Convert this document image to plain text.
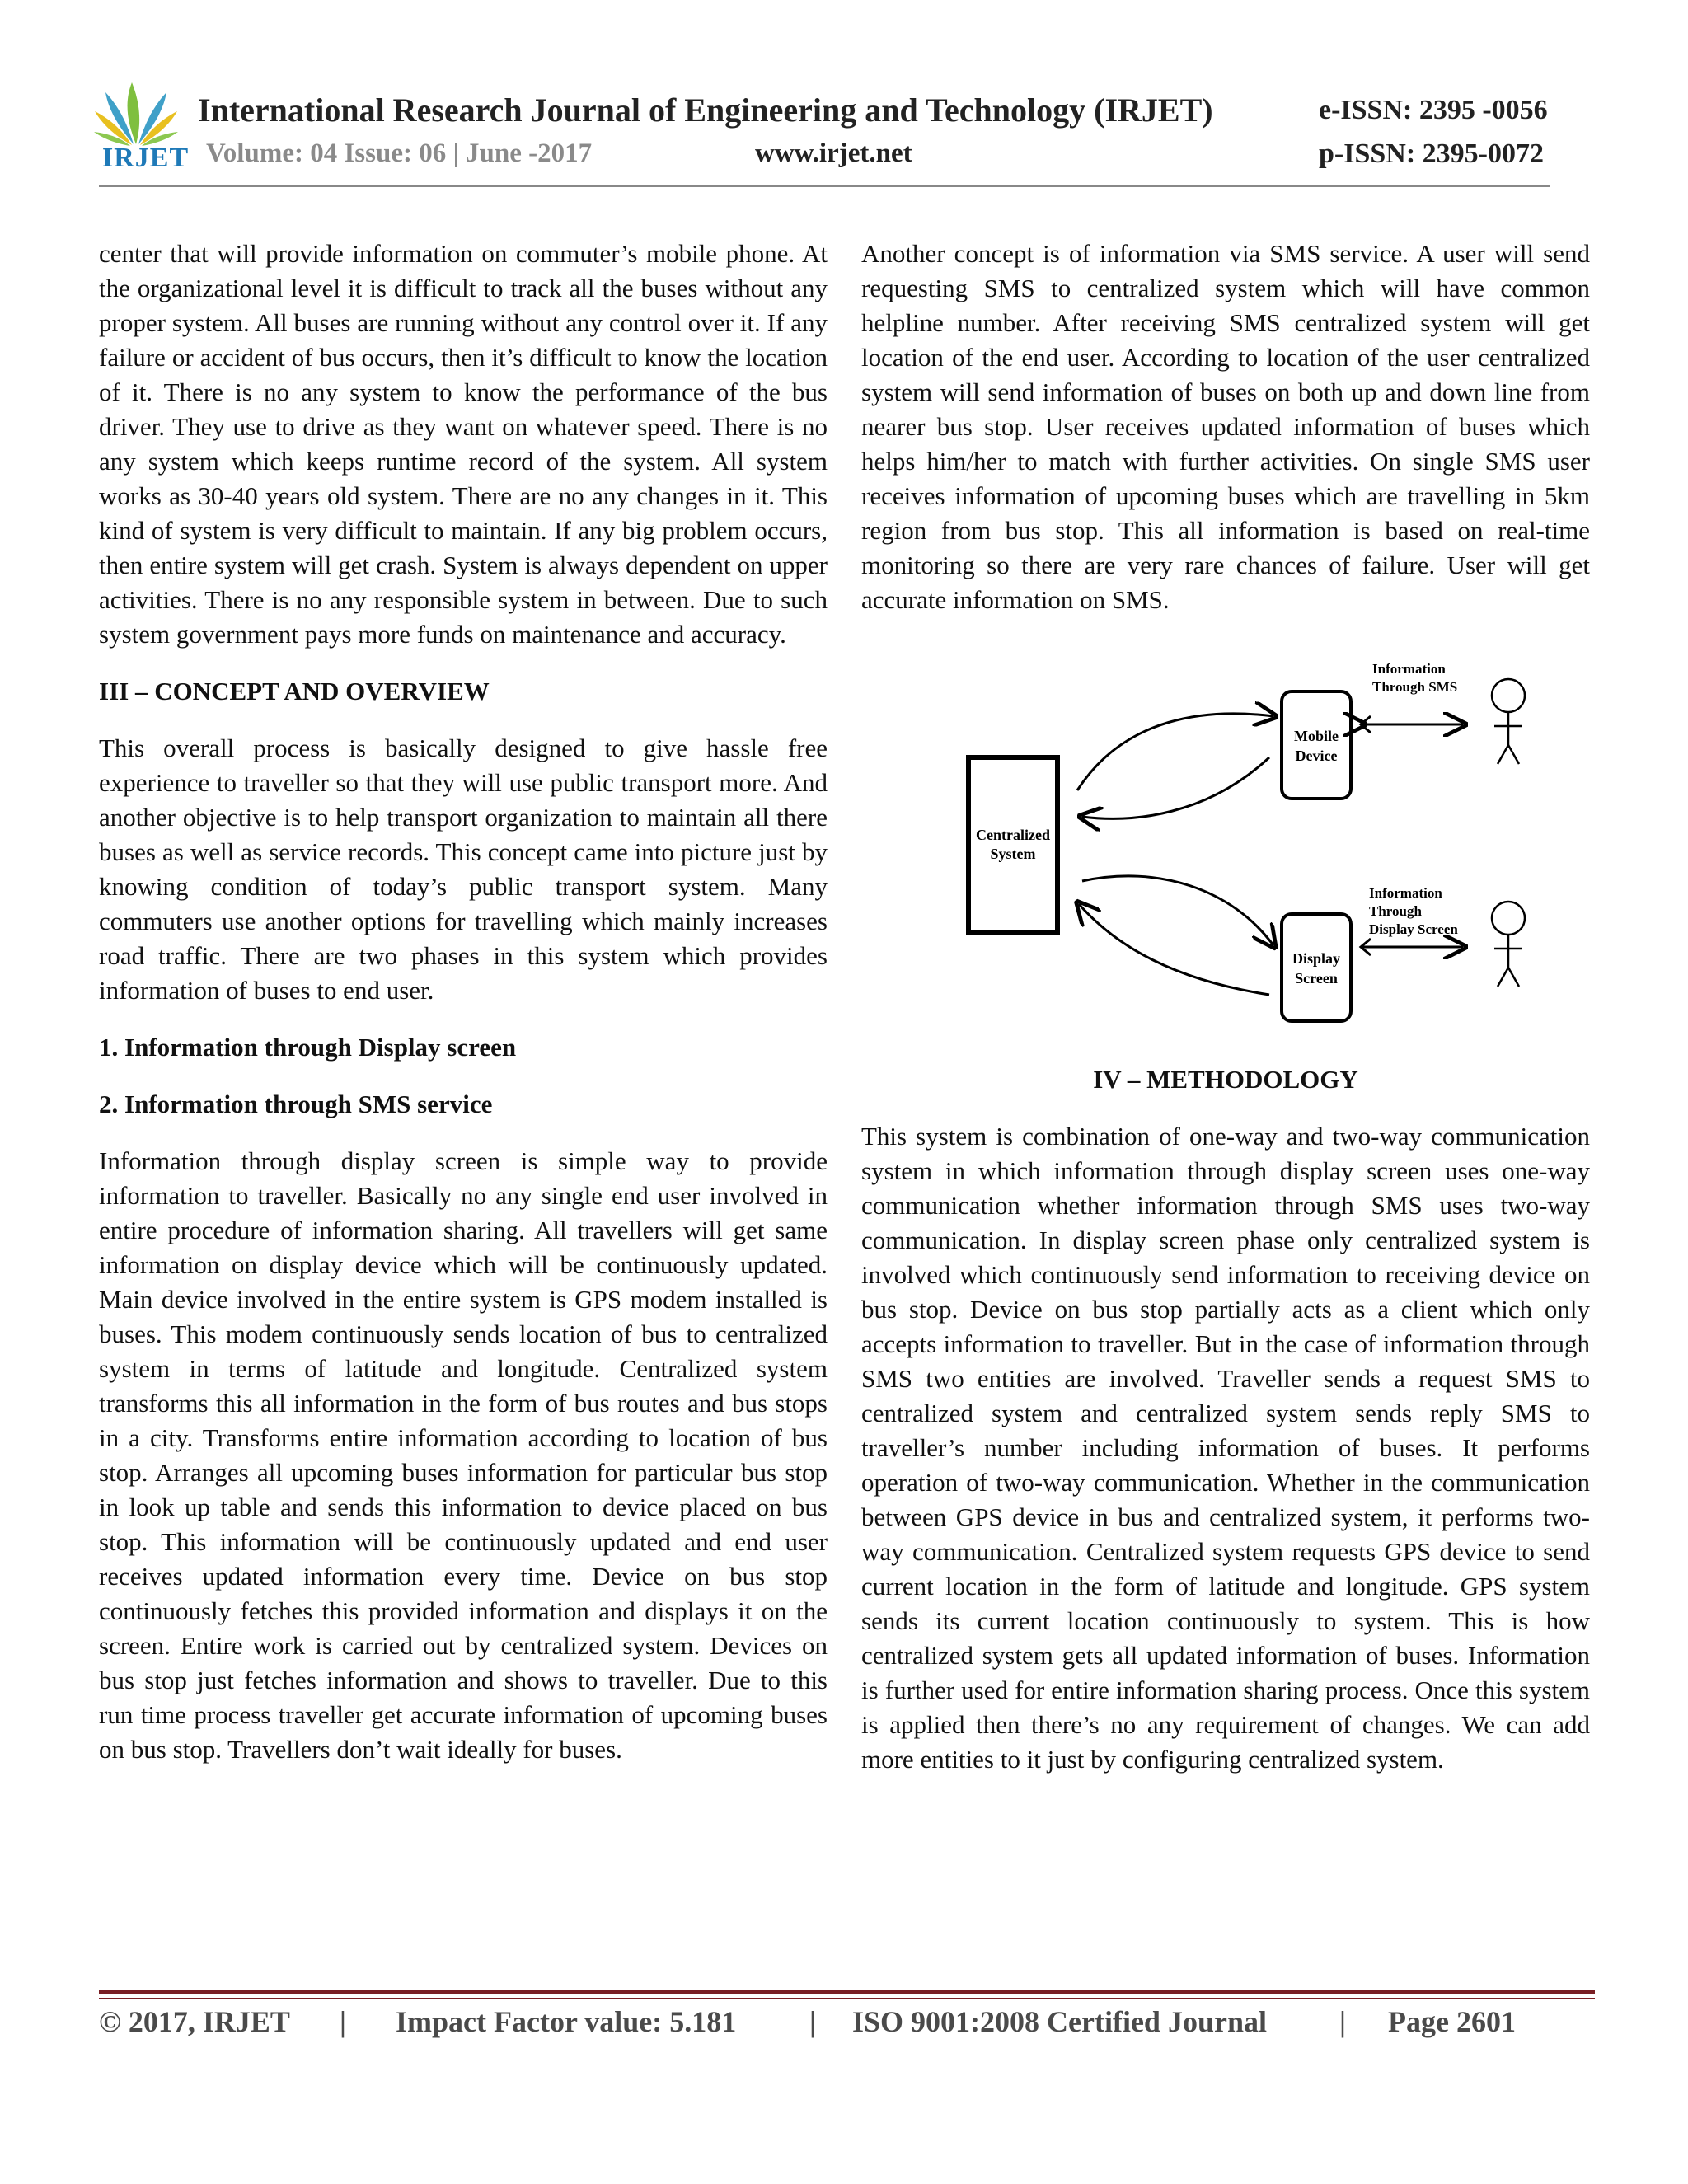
IRJET
International Research Journal of Engineering and Technology (IRJET)	e-ISSN: 2395 -0056
Volume: 04 Issue: 06 | June -2017	www.irjet.net	p-ISSN: 2395-0072

center that will provide information on commuter’s mobile phone. At the organizational level it is difficult to track all the buses without any proper system. All buses are running without any control over it. If any failure or accident of bus occurs, then it’s difficult to know the location of it. There is no any system to know the performance of the bus driver. They use to drive as they want on whatever speed. There is no any system which keeps runtime record of the system. All system works as 30-40 years old system. There are no any changes in it. This kind of system is very difficult to maintain. If any big problem occurs, then entire system will get crash. System is always dependent on upper activities. There is no any responsible system in between. Due to such system government pays more funds on maintenance and accuracy.

III – CONCEPT AND OVERVIEW

This overall process is basically designed to give hassle free experience to traveller so that they will use public transport more. And another objective is to help transport organization to maintain all there buses as well as service records. This concept came into picture just by knowing condition of today’s public transport system. Many commuters use another options for travelling which mainly increases road traffic. There are two phases in this system which provides information of buses to end user.

1. Information through Display screen
2. Information through SMS service

Information through display screen is simple way to provide information to traveller. Basically no any single end user involved in entire procedure of information sharing. All travellers will get same information on display device which will be continuously updated. Main device involved in the entire system is GPS modem installed is buses. This modem continuously sends location of bus to centralized system in terms of latitude and longitude. Centralized system transforms this all information in the form of bus routes and bus stops in a city. Transforms entire information according to location of bus stop. Arranges all upcoming buses information for particular bus stop in look up table and sends this information to device placed on bus stop. This information will be continuously updated and end user receives updated information every time. Device on bus stop continuously fetches this provided information and displays it on the screen. Entire work is carried out by centralized system. Devices on bus stop just fetches information and shows to traveller. Due to this run time process traveller get accurate information of upcoming buses on bus stop. Travellers don’t wait ideally for buses.

Another concept is of information via SMS service. A user will send requesting SMS to centralized system which will have common helpline number. After receiving SMS centralized system will get location of the end user. According to location of the user centralized system will send information of buses on both up and down line from nearer bus stop. User receives updated information of buses which helps him/her to match with further activities. On single SMS user receives information of upcoming buses which are travelling in 5km region from bus stop. This all information is based on real-time monitoring so there are very rare chances of failure. User will get accurate information on SMS.

Centralized
System
Mobile
Device
Display
Screen
Information
Through SMS
Information
Through
Display Screen
IV – METHODOLOGY

This system is combination of one-way and two-way communication system in which information through display screen uses one-way communication whether information through SMS uses two-way communication. In display screen phase only centralized system is involved which continuously send information to receiving device on bus stop. Device on bus stop partially acts as a client which only accepts information to traveller. But in the case of information through SMS two entities are involved. Traveller sends a request SMS to centralized system and centralized system sends reply SMS to traveller’s number including information of buses. It performs operation of two-way communication. Whether in the communication between GPS device in bus and centralized system, it performs two-way communication. Centralized system requests GPS device to send current location in the form of latitude and longitude. GPS system sends its current location continuously to system. This is how centralized system gets all updated information of buses. Information is further used for entire information sharing process. Once this system is applied then there’s no any requirement of changes. We can add more entities to it just by configuring centralized system.

© 2017, IRJET | Impact Factor value: 5.181 | ISO 9001:2008 Certified Journal | Page 2601
